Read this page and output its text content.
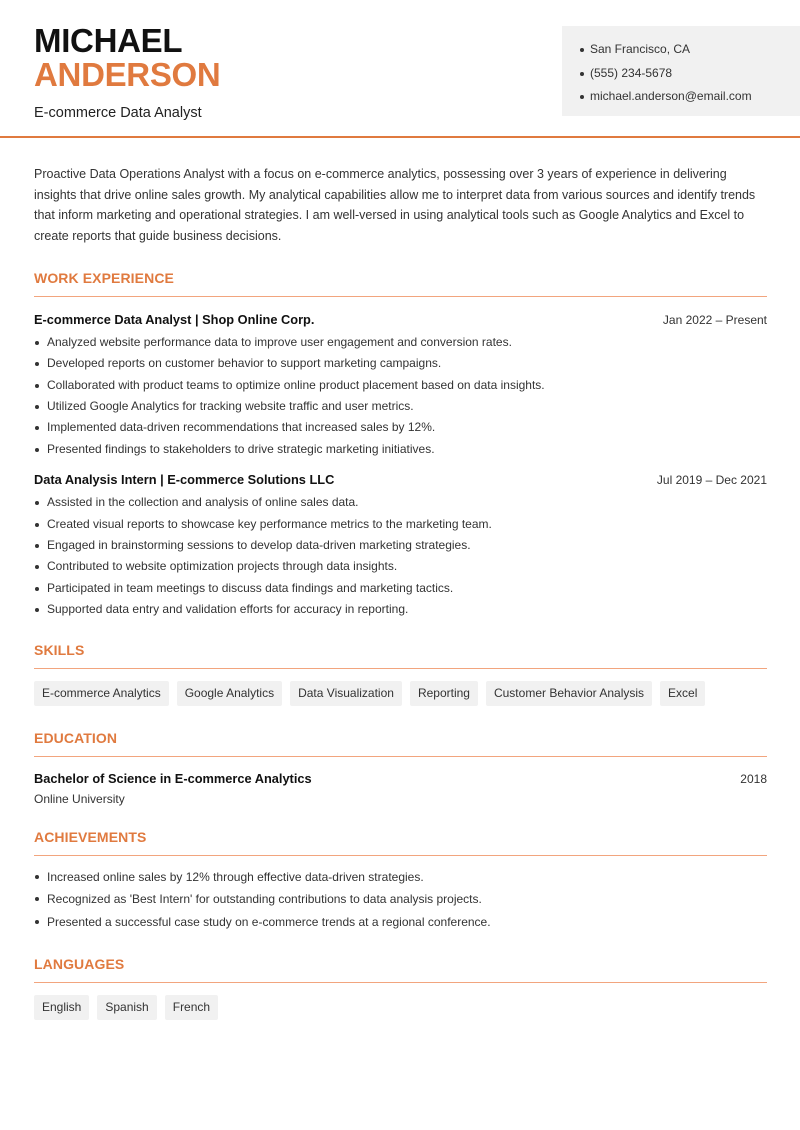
MICHAEL
ANDERSON
E-commerce Data Analyst
San Francisco, CA
(555) 234-5678
michael.anderson@email.com

Proactive Data Operations Analyst with a focus on e-commerce analytics, possessing over 3 years of experience in delivering insights that drive online sales growth. My analytical capabilities allow me to interpret data from various sources and identify trends that inform marketing and operational strategies. I am well-versed in using analytical tools such as Google Analytics and Excel to create reports that guide business decisions.

WORK EXPERIENCE
E-commerce Data Analyst | Shop Online Corp.	Jan 2022 – Present
Analyzed website performance data to improve user engagement and conversion rates.
Developed reports on customer behavior to support marketing campaigns.
Collaborated with product teams to optimize online product placement based on data insights.
Utilized Google Analytics for tracking website traffic and user metrics.
Implemented data-driven recommendations that increased sales by 12%.
Presented findings to stakeholders to drive strategic marketing initiatives.
Data Analysis Intern | E-commerce Solutions LLC	Jul 2019 – Dec 2021
Assisted in the collection and analysis of online sales data.
Created visual reports to showcase key performance metrics to the marketing team.
Engaged in brainstorming sessions to develop data-driven marketing strategies.
Contributed to website optimization projects through data insights.
Participated in team meetings to discuss data findings and marketing tactics.
Supported data entry and validation efforts for accuracy in reporting.
SKILLS
E-commerce Analytics	Google Analytics	Data Visualization	Reporting	Customer Behavior Analysis	Excel
EDUCATION
Bachelor of Science in E-commerce Analytics	2018
Online University
ACHIEVEMENTS
Increased online sales by 12% through effective data-driven strategies.
Recognized as 'Best Intern' for outstanding contributions to data analysis projects.
Presented a successful case study on e-commerce trends at a regional conference.
LANGUAGES
English	Spanish	French
